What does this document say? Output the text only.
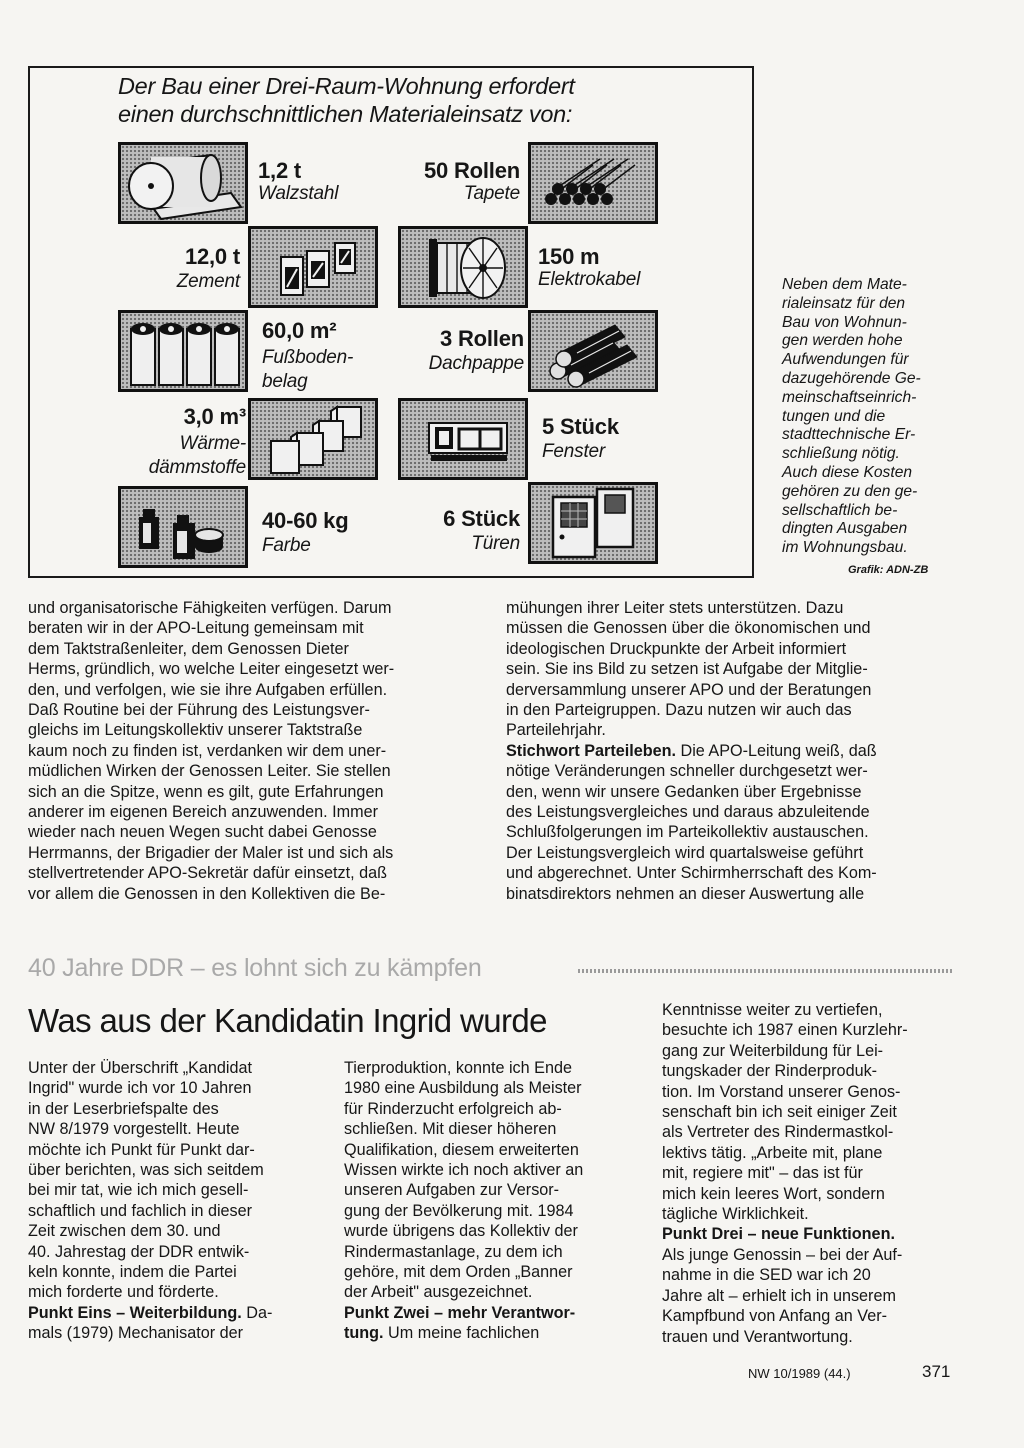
Der Bau einer Drei-Raum-Wohnung erfordert
einen durchschnittlichen Materialeinsatz von:
1,2 t
Walzstahl
50 Rollen
Tapete
12,0 t
Zement
150 m
Elektrokabel
60,0 m²
Fußboden-
belag
3 Rollen
Dachpappe
3,0 m³
Wärme-
dämmstoffe
5 Stück
Fenster
40-60 kg
Farbe
6 Stück
Türen

Neben dem Mate-
rialeinsatz für den
Bau von Wohnun-
gen werden hohe
Aufwendungen für
dazugehörende Ge-
meinschaftseinrich-
tungen und die
stadttechnische Er-
schließung nötig.
Auch diese Kosten
gehören zu den ge-
sellschaftlich be-
dingten Ausgaben
im Wohnungsbau.

Grafik: ADN-ZB

und organisatorische Fähigkeiten verfügen. Darum
beraten wir in der APO-Leitung gemeinsam mit
dem Taktstraßenleiter, dem Genossen Dieter
Herms, gründlich, wo welche Leiter eingesetzt wer-
den, und verfolgen, wie sie ihre Aufgaben erfüllen.
Daß Routine bei der Führung des Leistungsver-
gleichs im Leitungskollektiv unserer Taktstraße
kaum noch zu finden ist, verdanken wir dem uner-
müdlichen Wirken der Genossen Leiter. Sie stellen
sich an die Spitze, wenn es gilt, gute Erfahrungen
anderer im eigenen Bereich anzuwenden. Immer
wieder nach neuen Wegen sucht dabei Genosse
Herrmanns, der Brigadier der Maler ist und sich als
stellvertretender APO-Sekretär dafür einsetzt, daß
vor allem die Genossen in den Kollektiven die Be-

mühungen ihrer Leiter stets unterstützen. Dazu
müssen die Genossen über die ökonomischen und
ideologischen Druckpunkte der Arbeit informiert
sein. Sie ins Bild zu setzen ist Aufgabe der Mitglie-
derversammlung unserer APO und der Beratungen
in den Parteigruppen. Dazu nutzen wir auch das
Parteilehrjahr.
Stichwort Parteileben. Die APO-Leitung weiß, daß
nötige Veränderungen schneller durchgesetzt wer-
den, wenn wir unsere Gedanken über Ergebnisse
des Leistungsvergleiches und daraus abzuleitende
Schlußfolgerungen im Parteikollektiv austauschen.
Der Leistungsvergleich wird quartalsweise geführt
und abgerechnet. Unter Schirmherrschaft des Kom-
binatsdirektors nehmen an dieser Auswertung alle

40 Jahre DDR – es lohnt sich zu kämpfen
Was aus der Kandidatin Ingrid wurde

Unter der Überschrift „Kandidat
Ingrid" wurde ich vor 10 Jahren
in der Leserbriefspalte des
NW 8/1979 vorgestellt. Heute
möchte ich Punkt für Punkt dar-
über berichten, was sich seitdem
bei mir tat, wie ich mich gesell-
schaftlich und fachlich in dieser
Zeit zwischen dem 30. und
40. Jahrestag der DDR entwik-
keln konnte, indem die Partei
mich forderte und förderte.
Punkt Eins – Weiterbildung. Da-
mals (1979) Mechanisator der

Tierproduktion, konnte ich Ende
1980 eine Ausbildung als Meister
für Rinderzucht erfolgreich ab-
schließen. Mit dieser höheren
Qualifikation, diesem erweiterten
Wissen wirkte ich noch aktiver an
unseren Aufgaben zur Versor-
gung der Bevölkerung mit. 1984
wurde übrigens das Kollektiv der
Rindermastanlage, zu dem ich
gehöre, mit dem Orden „Banner
der Arbeit" ausgezeichnet.
Punkt Zwei – mehr Verantwor-
tung. Um meine fachlichen

Kenntnisse weiter zu vertiefen,
besuchte ich 1987 einen Kurzlehr-
gang zur Weiterbildung für Lei-
tungskader der Rinderproduk-
tion. Im Vorstand unserer Genos-
senschaft bin ich seit einiger Zeit
als Vertreter des Rindermastkol-
lektivs tätig. „Arbeite mit, plane
mit, regiere mit" – das ist für
mich kein leeres Wort, sondern
tägliche Wirklichkeit.
Punkt Drei – neue Funktionen.
Als junge Genossin – bei der Auf-
nahme in die SED war ich 20
Jahre alt – erhielt ich in unserem
Kampfbund von Anfang an Ver-
trauen und Verantwortung.

NW 10/1989 (44.)	371
